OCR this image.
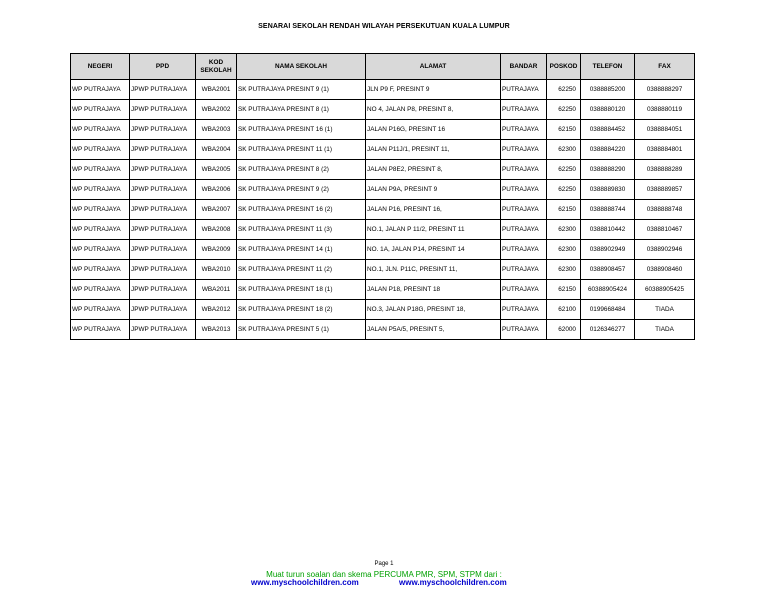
SENARAI SEKOLAH RENDAH WILAYAH PERSEKUTUAN KUALA LUMPUR
NEGERI	PPD	KOD SEKOLAH	NAMA SEKOLAH	ALAMAT	BANDAR	POSKOD	TELEFON	FAX
WP PUTRAJAYA	JPWP PUTRAJAYA	WBA2001	SK PUTRAJAYA PRESINT 9 (1)	JLN P9 F, PRESINT 9	PUTRAJAYA	62250	0388885200	0388888297
WP PUTRAJAYA	JPWP PUTRAJAYA	WBA2002	SK PUTRAJAYA PRESINT 8 (1)	NO 4, JALAN P8, PRESINT 8,	PUTRAJAYA	62250	0388880120	0388880119
WP PUTRAJAYA	JPWP PUTRAJAYA	WBA2003	SK PUTRAJAYA PRESINT 16 (1)	JALAN P16G, PRESINT 16	PUTRAJAYA	62150	0388884452	0388884051
WP PUTRAJAYA	JPWP PUTRAJAYA	WBA2004	SK PUTRAJAYA PRESINT 11 (1)	JALAN P11J/1, PRESINT 11,	PUTRAJAYA	62300	0388884220	0388884801
WP PUTRAJAYA	JPWP PUTRAJAYA	WBA2005	SK PUTRAJAYA PRESINT 8 (2)	JALAN P8E2, PRESINT 8,	PUTRAJAYA	62250	0388888290	0388888289
WP PUTRAJAYA	JPWP PUTRAJAYA	WBA2006	SK PUTRAJAYA PRESINT 9 (2)	JALAN P9A, PRESINT 9	PUTRAJAYA	62250	0388889830	0388889857
WP PUTRAJAYA	JPWP PUTRAJAYA	WBA2007	SK PUTRAJAYA PRESINT 16 (2)	JALAN P16, PRESINT 16,	PUTRAJAYA	62150	0388888744	0388888748
WP PUTRAJAYA	JPWP PUTRAJAYA	WBA2008	SK PUTRAJAYA PRESINT 11 (3)	NO.1, JALAN P 11/2, PRESINT 11	PUTRAJAYA	62300	0388810442	0388810467
WP PUTRAJAYA	JPWP PUTRAJAYA	WBA2009	SK PUTRAJAYA PRESINT 14 (1)	NO. 1A, JALAN P14, PRESINT 14	PUTRAJAYA	62300	0388902949	0388902946
WP PUTRAJAYA	JPWP PUTRAJAYA	WBA2010	SK PUTRAJAYA PRESINT 11 (2)	NO.1, JLN. P11C, PRESINT 11,	PUTRAJAYA	62300	0388908457	0388908460
WP PUTRAJAYA	JPWP PUTRAJAYA	WBA2011	SK PUTRAJAYA PRESINT 18 (1)	JALAN P18, PRESINT 18	PUTRAJAYA	62150	60388905424	60388905425
WP PUTRAJAYA	JPWP PUTRAJAYA	WBA2012	SK PUTRAJAYA PRESINT 18 (2)	NO.3, JALAN P18G, PRESINT 18,	PUTRAJAYA	62100	0199668484	TIADA
WP PUTRAJAYA	JPWP PUTRAJAYA	WBA2013	SK PUTRAJAYA PRESINT 5 (1)	JALAN P5A/5, PRESINT 5,	PUTRAJAYA	62000	0126346277	TIADA
Page 1
Muat turun soalan dan skema PERCUMA PMR, SPM, STPM dari :
www.myschoolchildren.com	www.myschoolchildren.com
